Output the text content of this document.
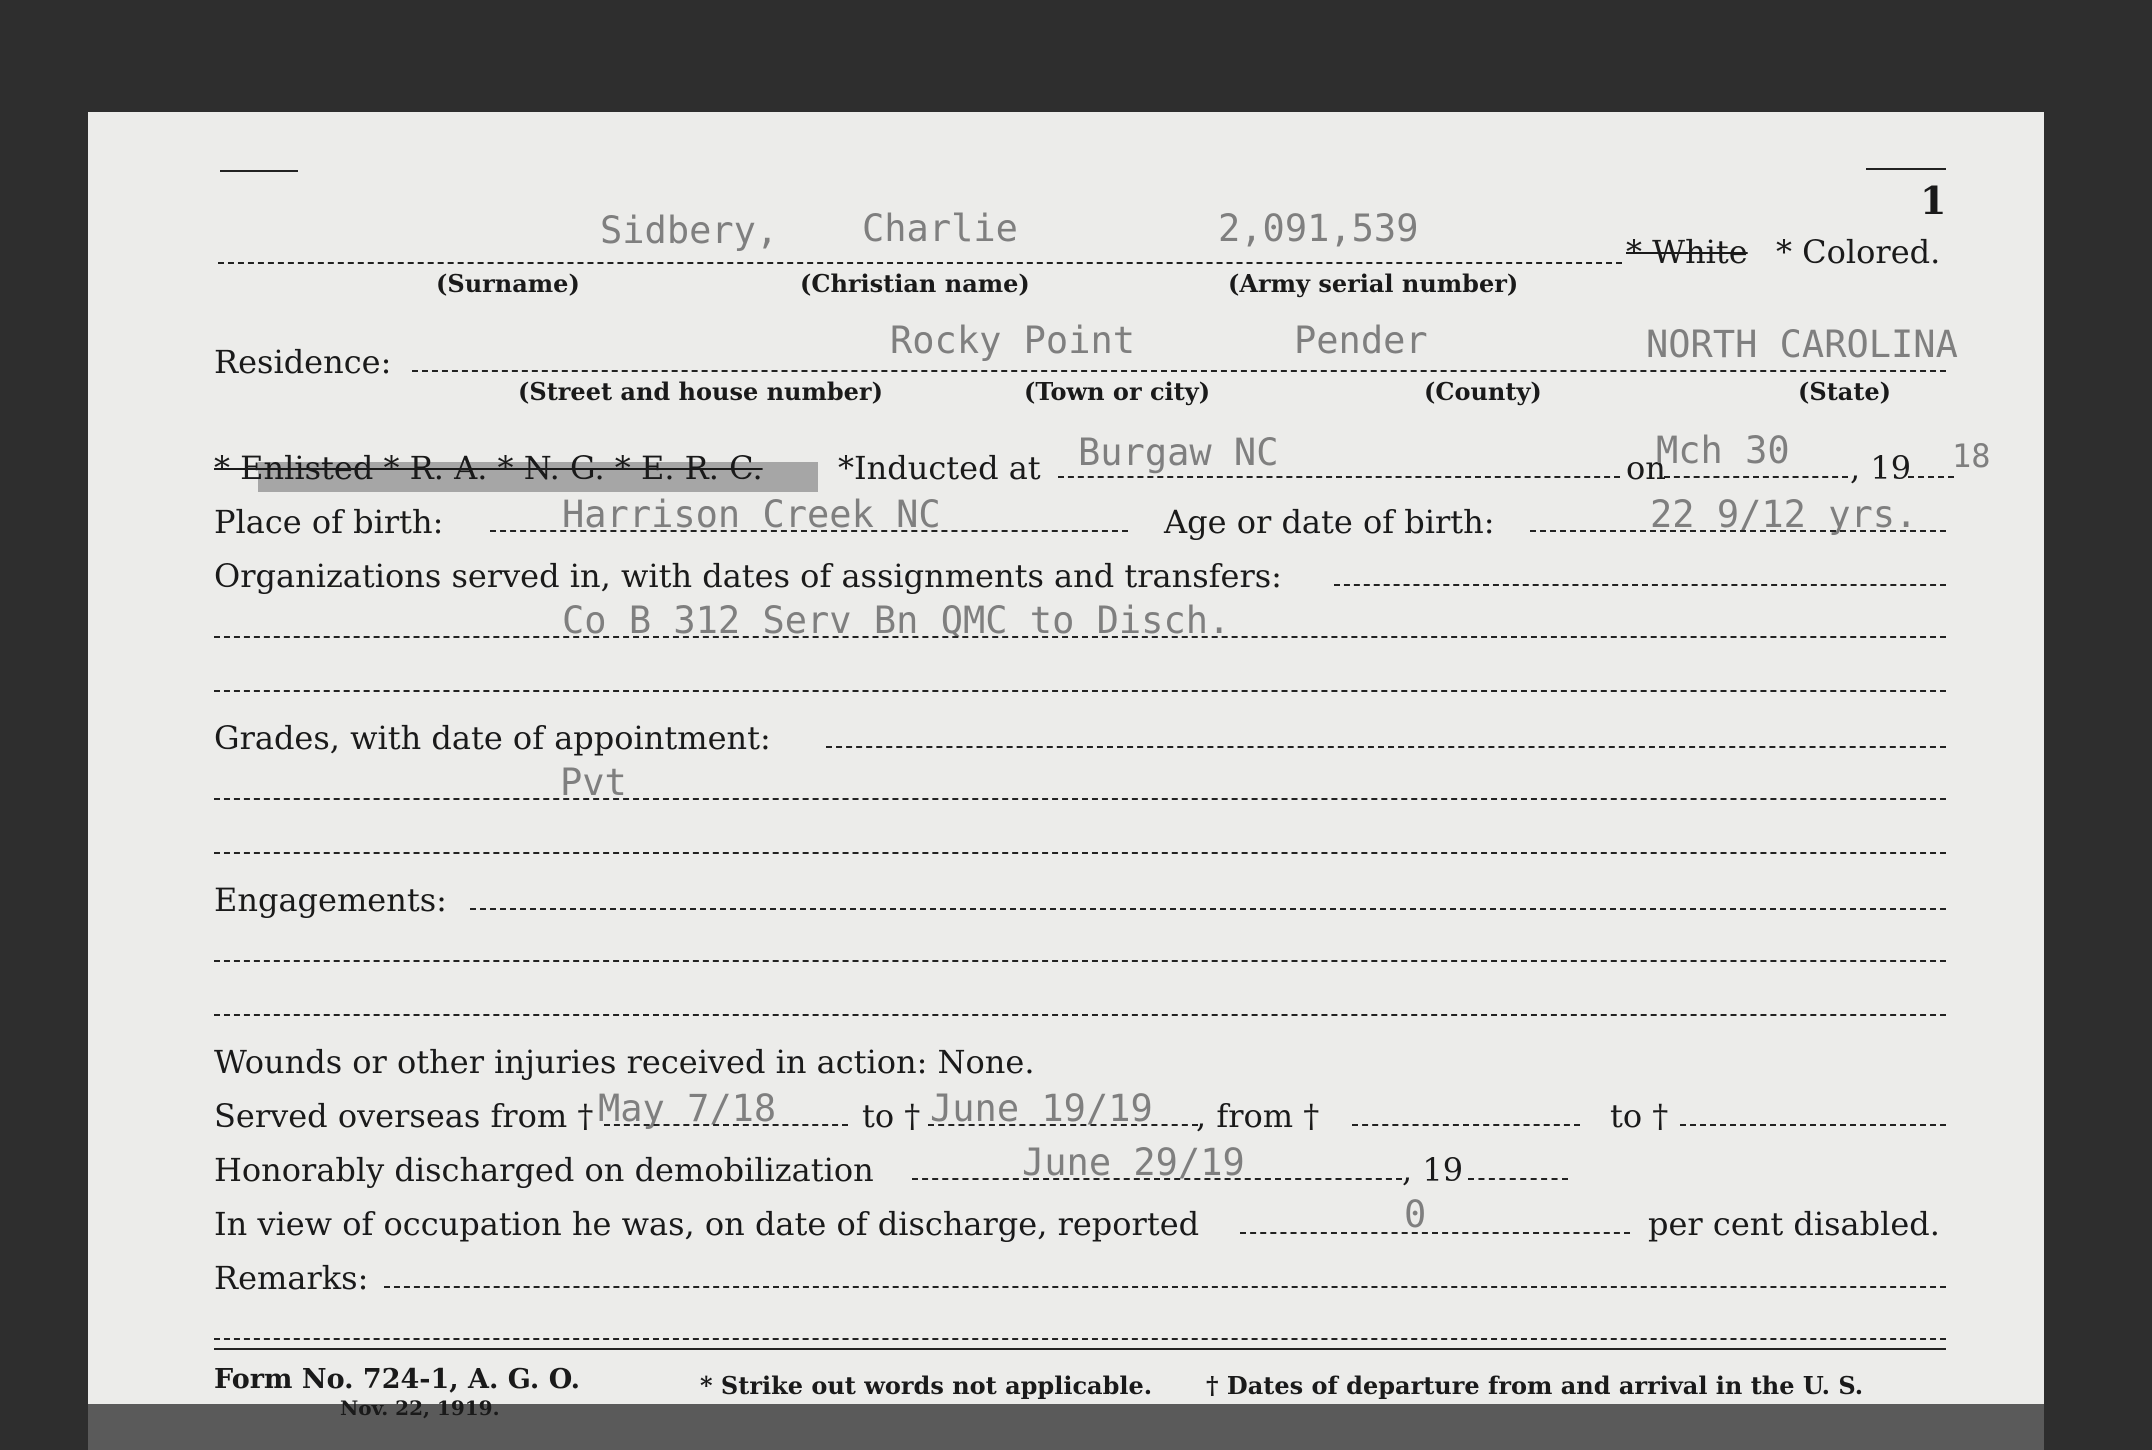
1
Sidbery, Charlie	2,091,539
* White * Colored.
(Surname)	(Christian name)	(Army serial number)
Residence:	Rocky Point	Pender	NORTH CAROLINA
(Street and house number)	(Town or city)	(County)	(State)
* Enlisted * R. A. * N. G. * E. R. C. *Inducted at Burgaw NC	on
Mch 30 , 19 18
Place of birth:	Harrison Creek NC	Age or date of birth:	22 9/12 yrs.
Organizations served in, with dates of assignments and transfers:
Co B 312 Serv Bn QMC to Disch.
Grades, with date of appointment:
Pvt
Engagements:
Wounds or other injuries received in action: None.
Served overseas from † May 7/18	to † June 19/19 , from †	to †
Honorably discharged on demobilization	June 29/19	, 19
In view of occupation he was, on date of discharge, reported	0	per cent disabled.
Remarks:
Form No. 724-1, A. G. O.
Nov. 22, 1919.
* Strike out words not applicable. † Dates of departure from and arrival in the U. S.
